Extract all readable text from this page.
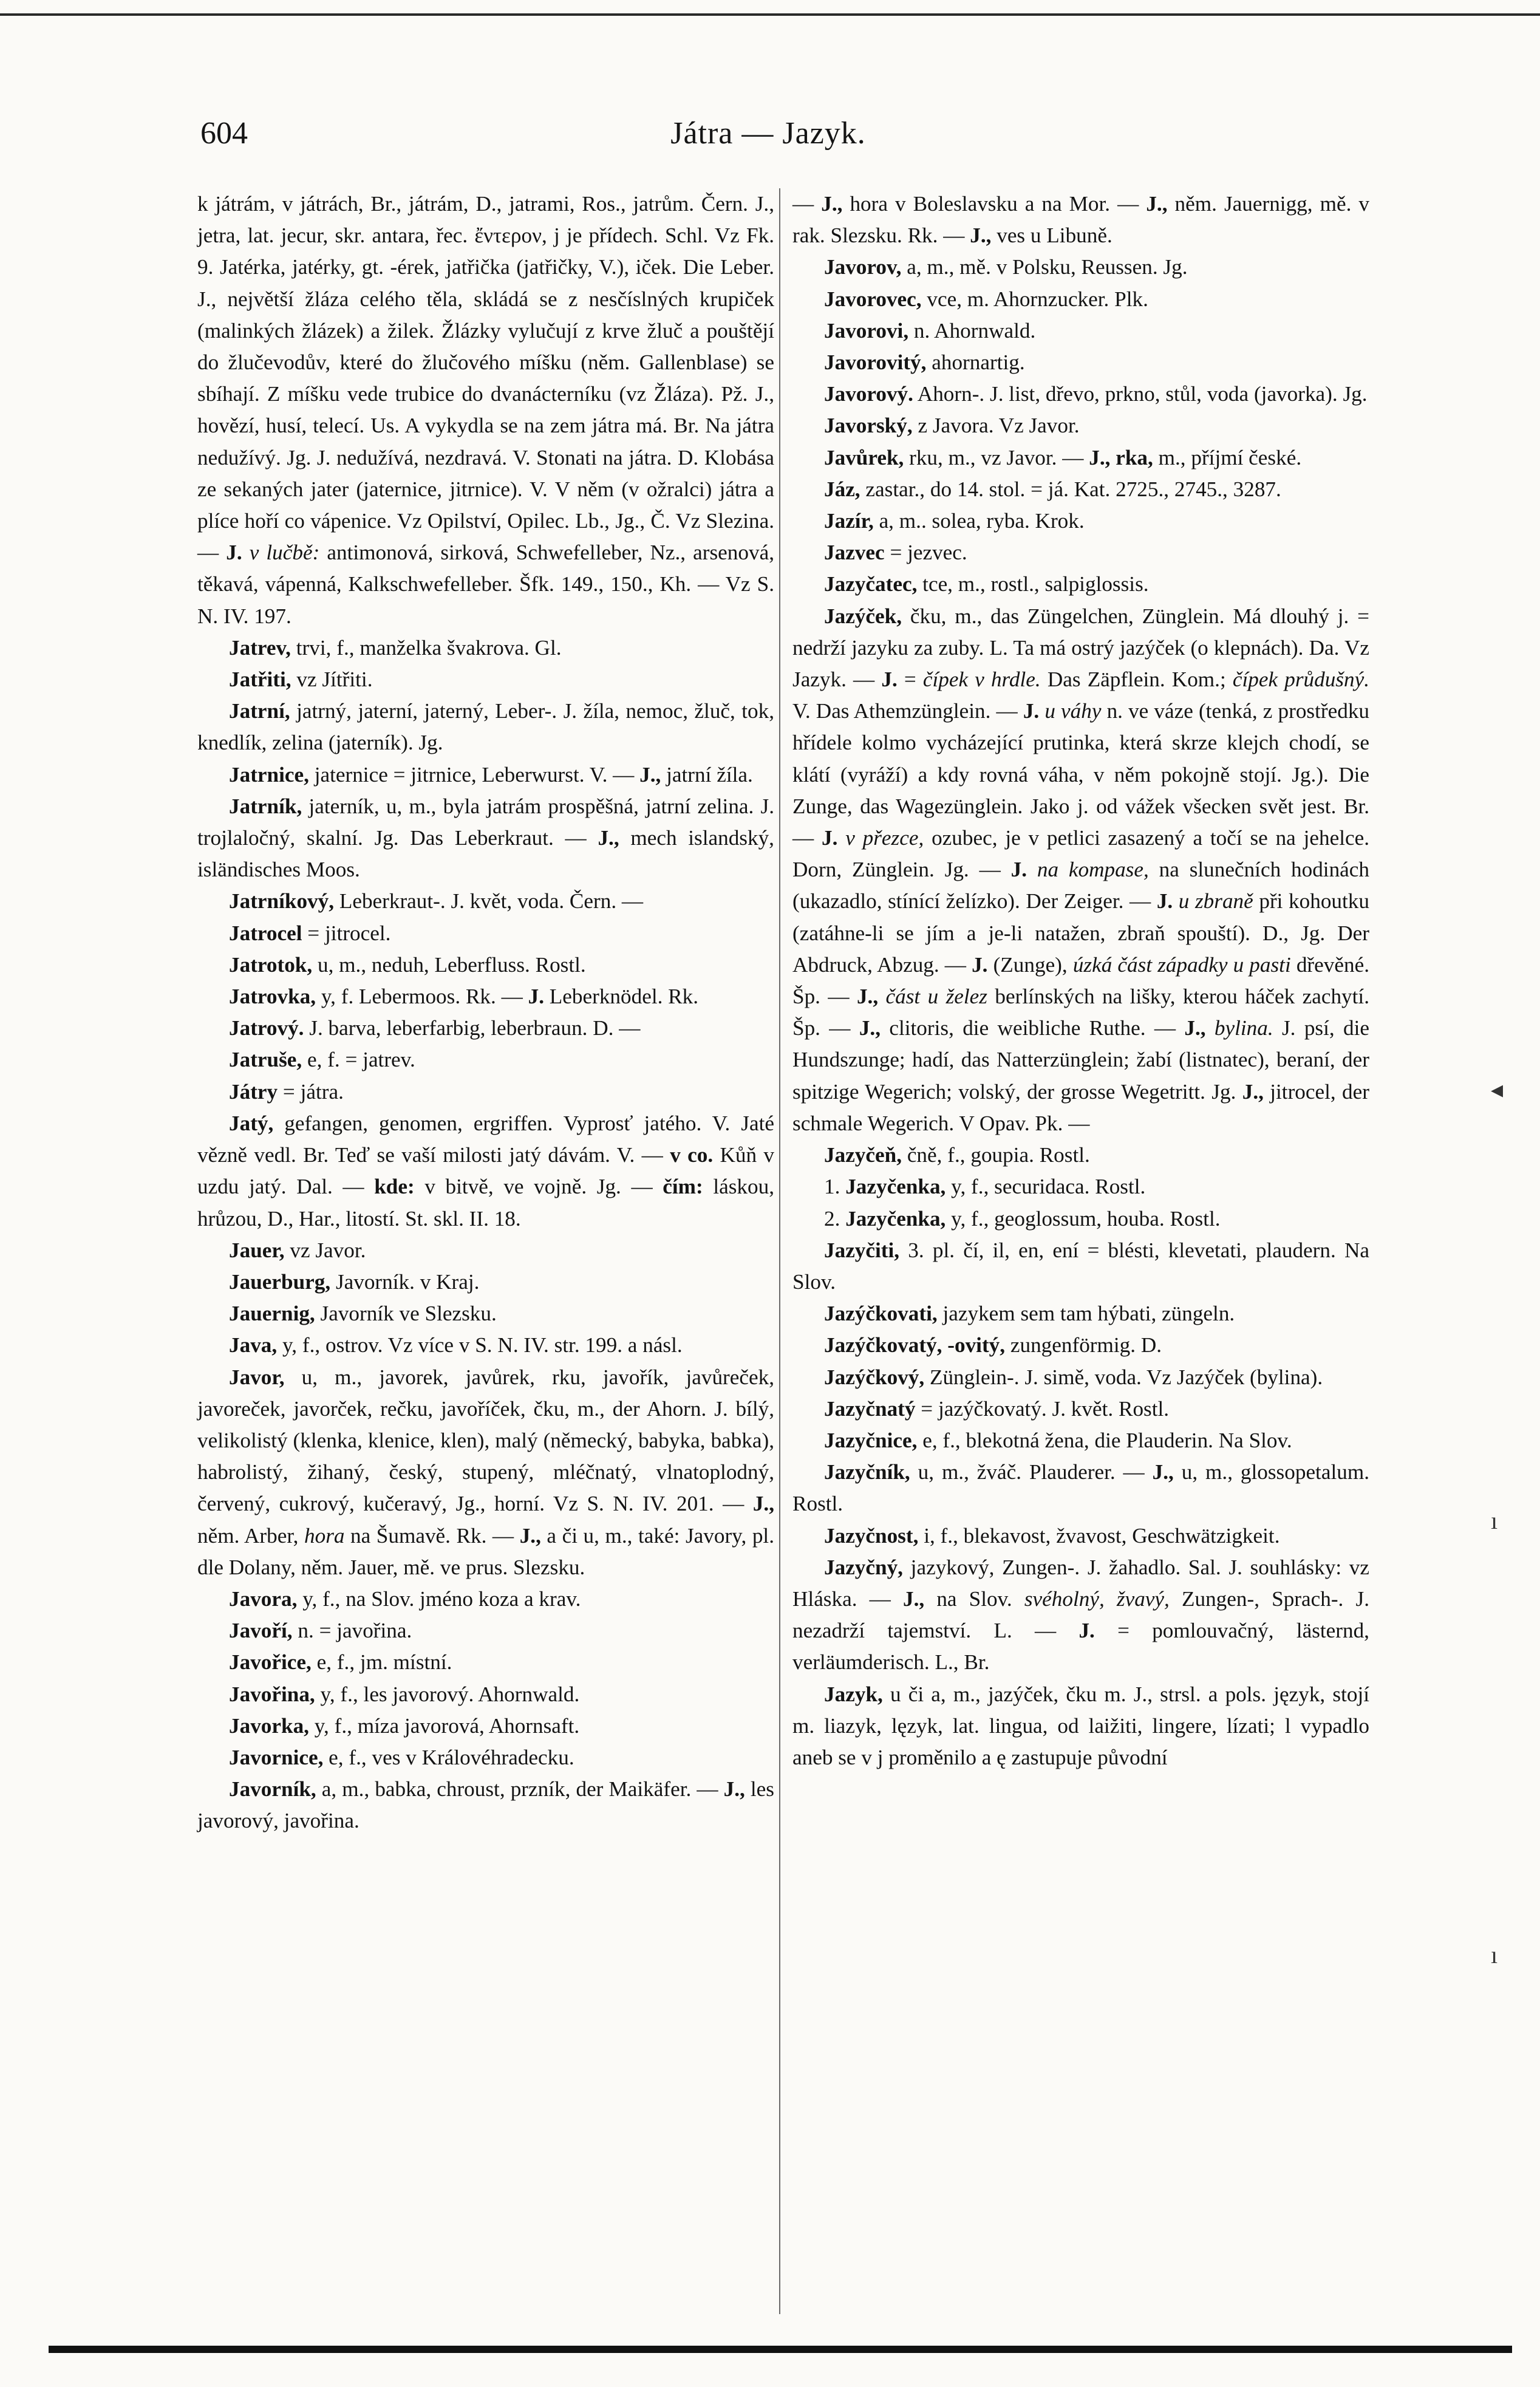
604	Játra — Jazyk.

k játrám, v játrách, Br., játrám, D., jatrami, Ros., jatrům. Čern. J., jetra, lat. jecur, skr. antara, řec. ἔντερον, j je přídech. Schl. Vz Fk. 9. Jatérka, jatérky, gt. -érek, jatřička (jatřičky, V.), iček. Die Leber. J., největší žláza celého těla, skládá se z nesčíslných krupiček (malinkých žlázek) a žilek. Žlázky vylučují z krve žluč a pouštějí do žlučevodův, které do žlučového míšku (něm. Gallenblase) se sbíhají. Z míšku vede trubice do dvanácterníku (vz Žláza). Pž. J., hovězí, husí, telecí. Us. A vykydla se na zem játra má. Br. Na játra nedužívý. Jg. J. nedužívá, nezdravá. V. Stonati na játra. D. Klobása ze sekaných jater (jaternice, jitrnice). V. V něm (v ožralci) játra a plíce hoří co vápenice. Vz Opilství, Opilec. Lb., Jg., Č. Vz Slezina. — J. v lučbě: antimonová, sirková, Schwefelleber, Nz., arsenová, těkavá, vápenná, Kalkschwefelleber. Šfk. 149., 150., Kh. — Vz S. N. IV. 197.

Jatrev, trvi, f., manželka švakrova. Gl.

Jatřiti, vz Jítřiti.

Jatrní, jatrný, jaterní, jaterný, Leber-. J. žíla, nemoc, žluč, tok, knedlík, zelina (jaterník). Jg.

Jatrnice, jaternice = jitrnice, Leberwurst. V. — J., jatrní žíla.

Jatrník, jaterník, u, m., byla jatrám prospěšná, jatrní zelina. J. trojlaločný, skalní. Jg. Das Leberkraut. — J., mech islandský, isländisches Moos.

Jatrníkový, Leberkraut-. J. květ, voda. Čern. —

Jatrocel = jitrocel.

Jatrotok, u, m., neduh, Leberfluss. Rostl.

Jatrovka, y, f. Lebermoos. Rk. — J. Leberknödel. Rk.

Jatrový. J. barva, leberfarbig, leberbraun. D. —

Jatruše, e, f. = jatrev.

Játry = játra.

Jatý, gefangen, genomen, ergriffen. Vyprosť jatého. V. Jaté vězně vedl. Br. Teď se vaší milosti jatý dávám. V. — v co. Kůň v uzdu jatý. Dal. — kde: v bitvě, ve vojně. Jg. — čím: láskou, hrůzou, D., Har., litostí. St. skl. II. 18.

Jauer, vz Javor.

Jauerburg, Javorník. v Kraj.

Jauernig, Javorník ve Slezsku.

Java, y, f., ostrov. Vz více v S. N. IV. str. 199. a násl.

Javor, u, m., javorek, javůrek, rku, javořík, javůreček, javoreček, javorček, rečku, javoříček, čku, m., der Ahorn. J. bílý, velikolistý (klenka, klenice, klen), malý (německý, babyka, babka), habrolistý, žihaný, český, stupený, mléčnatý, vlnatoplodný, červený, cukrový, kučeravý, Jg., horní. Vz S. N. IV. 201. — J., něm. Arber, hora na Šumavě. Rk. — J., a či u, m., také: Javory, pl. dle Dolany, něm. Jauer, mě. ve prus. Slezsku.

Javora, y, f., na Slov. jméno koza a krav.

Javoří, n. = javořina.

Javořice, e, f., jm. místní.

Javořina, y, f., les javorový. Ahornwald.

Javorka, y, f., míza javorová, Ahornsaft.

Javornice, e, f., ves v Královéhradecku.

Javorník, a, m., babka, chroust, przník, der Maikäfer. — J., les javorový, javořina.

— J., hora v Boleslavsku a na Mor. — J., něm. Jauernigg, mě. v rak. Slezsku. Rk. — J., ves u Libuně.

Javorov, a, m., mě. v Polsku, Reussen. Jg.

Javorovec, vce, m. Ahornzucker. Plk.

Javorovi, n. Ahornwald.

Javorovitý, ahornartig.

Javorový. Ahorn-. J. list, dřevo, prkno, stůl, voda (javorka). Jg.

Javorský, z Javora. Vz Javor.

Javůrek, rku, m., vz Javor. — J., rka, m., příjmí české.

Jáz, zastar., do 14. stol. = já. Kat. 2725., 2745., 3287.

Jazír, a, m.. solea, ryba. Krok.

Jazvec = jezvec.

Jazyčatec, tce, m., rostl., salpiglossis.

Jazýček, čku, m., das Züngelchen, Zünglein. Má dlouhý j. = nedrží jazyku za zuby. L. Ta má ostrý jazýček (o klepnách). Da. Vz Jazyk. — J. = čípek v hrdle. Das Zäpflein. Kom.; čípek průdušný. V. Das Athemzünglein. — J. u váhy n. ve váze (tenká, z prostředku hřídele kolmo vycházející prutinka, která skrze klejch chodí, se klátí (vyráží) a kdy rovná váha, v něm pokojně stojí. Jg.). Die Zunge, das Wagezünglein. Jako j. od vážek všecken svět jest. Br. — J. v přezce, ozubec, je v petlici zasazený a točí se na jehelce. Dorn, Zünglein. Jg. — J. na kompase, na slunečních hodinách (ukazadlo, stínící želízko). Der Zeiger. — J. u zbraně při kohoutku (zatáhne-li se jím a je-li natažen, zbraň spouští). D., Jg. Der Abdruck, Abzug. — J. (Zunge), úzká část západky u pasti dřevěné. Šp. — J., část u želez berlínských na lišky, kterou háček zachytí. Šp. — J., clitoris, die weibliche Ruthe. — J., bylina. J. psí, die Hundszunge; hadí, das Natterzünglein; žabí (listnatec), beraní, der spitzige Wegerich; volský, der grosse Wegetritt. Jg. J., jitrocel, der schmale Wegerich. V Opav. Pk. —

Jazyčeň, čně, f., goupia. Rostl.

1. Jazyčenka, y, f., securidaca. Rostl.

2. Jazyčenka, y, f., geoglossum, houba. Rostl.

Jazyčiti, 3. pl. čí, il, en, ení = blésti, klevetati, plaudern. Na Slov.

Jazýčkovati, jazykem sem tam hýbati, züngeln.

Jazýčkovatý, -ovitý, zungenförmig. D.

Jazýčkový, Zünglein-. J. simě, voda. Vz Jazýček (bylina).

Jazyčnatý = jazýčkovatý. J. květ. Rostl.

Jazyčnice, e, f., blekotná žena, die Plauderin. Na Slov.

Jazyčník, u, m., žváč. Plauderer. — J., u, m., glossopetalum. Rostl.

Jazyčnost, i, f., blekavost, žvavost, Geschwätzigkeit.

Jazyčný, jazykový, Zungen-. J. žahadlo. Sal. J. souhlásky: vz Hláska. — J., na Slov. svéholný, žvavý, Zungen-, Sprach-. J. nezadrží tajemství. L. — J. = pomlouvačný, lästernd, verläumderisch. L., Br.

Jazyk, u či a, m., jazýček, čku m. J., strsl. a pols. język, stojí m. liazyk, lęzyk, lat. lingua, od laižiti, lingere, lízati; l vypadlo aneb se v j proměnilo a ę zastupuje původní

◂
ı
ı
